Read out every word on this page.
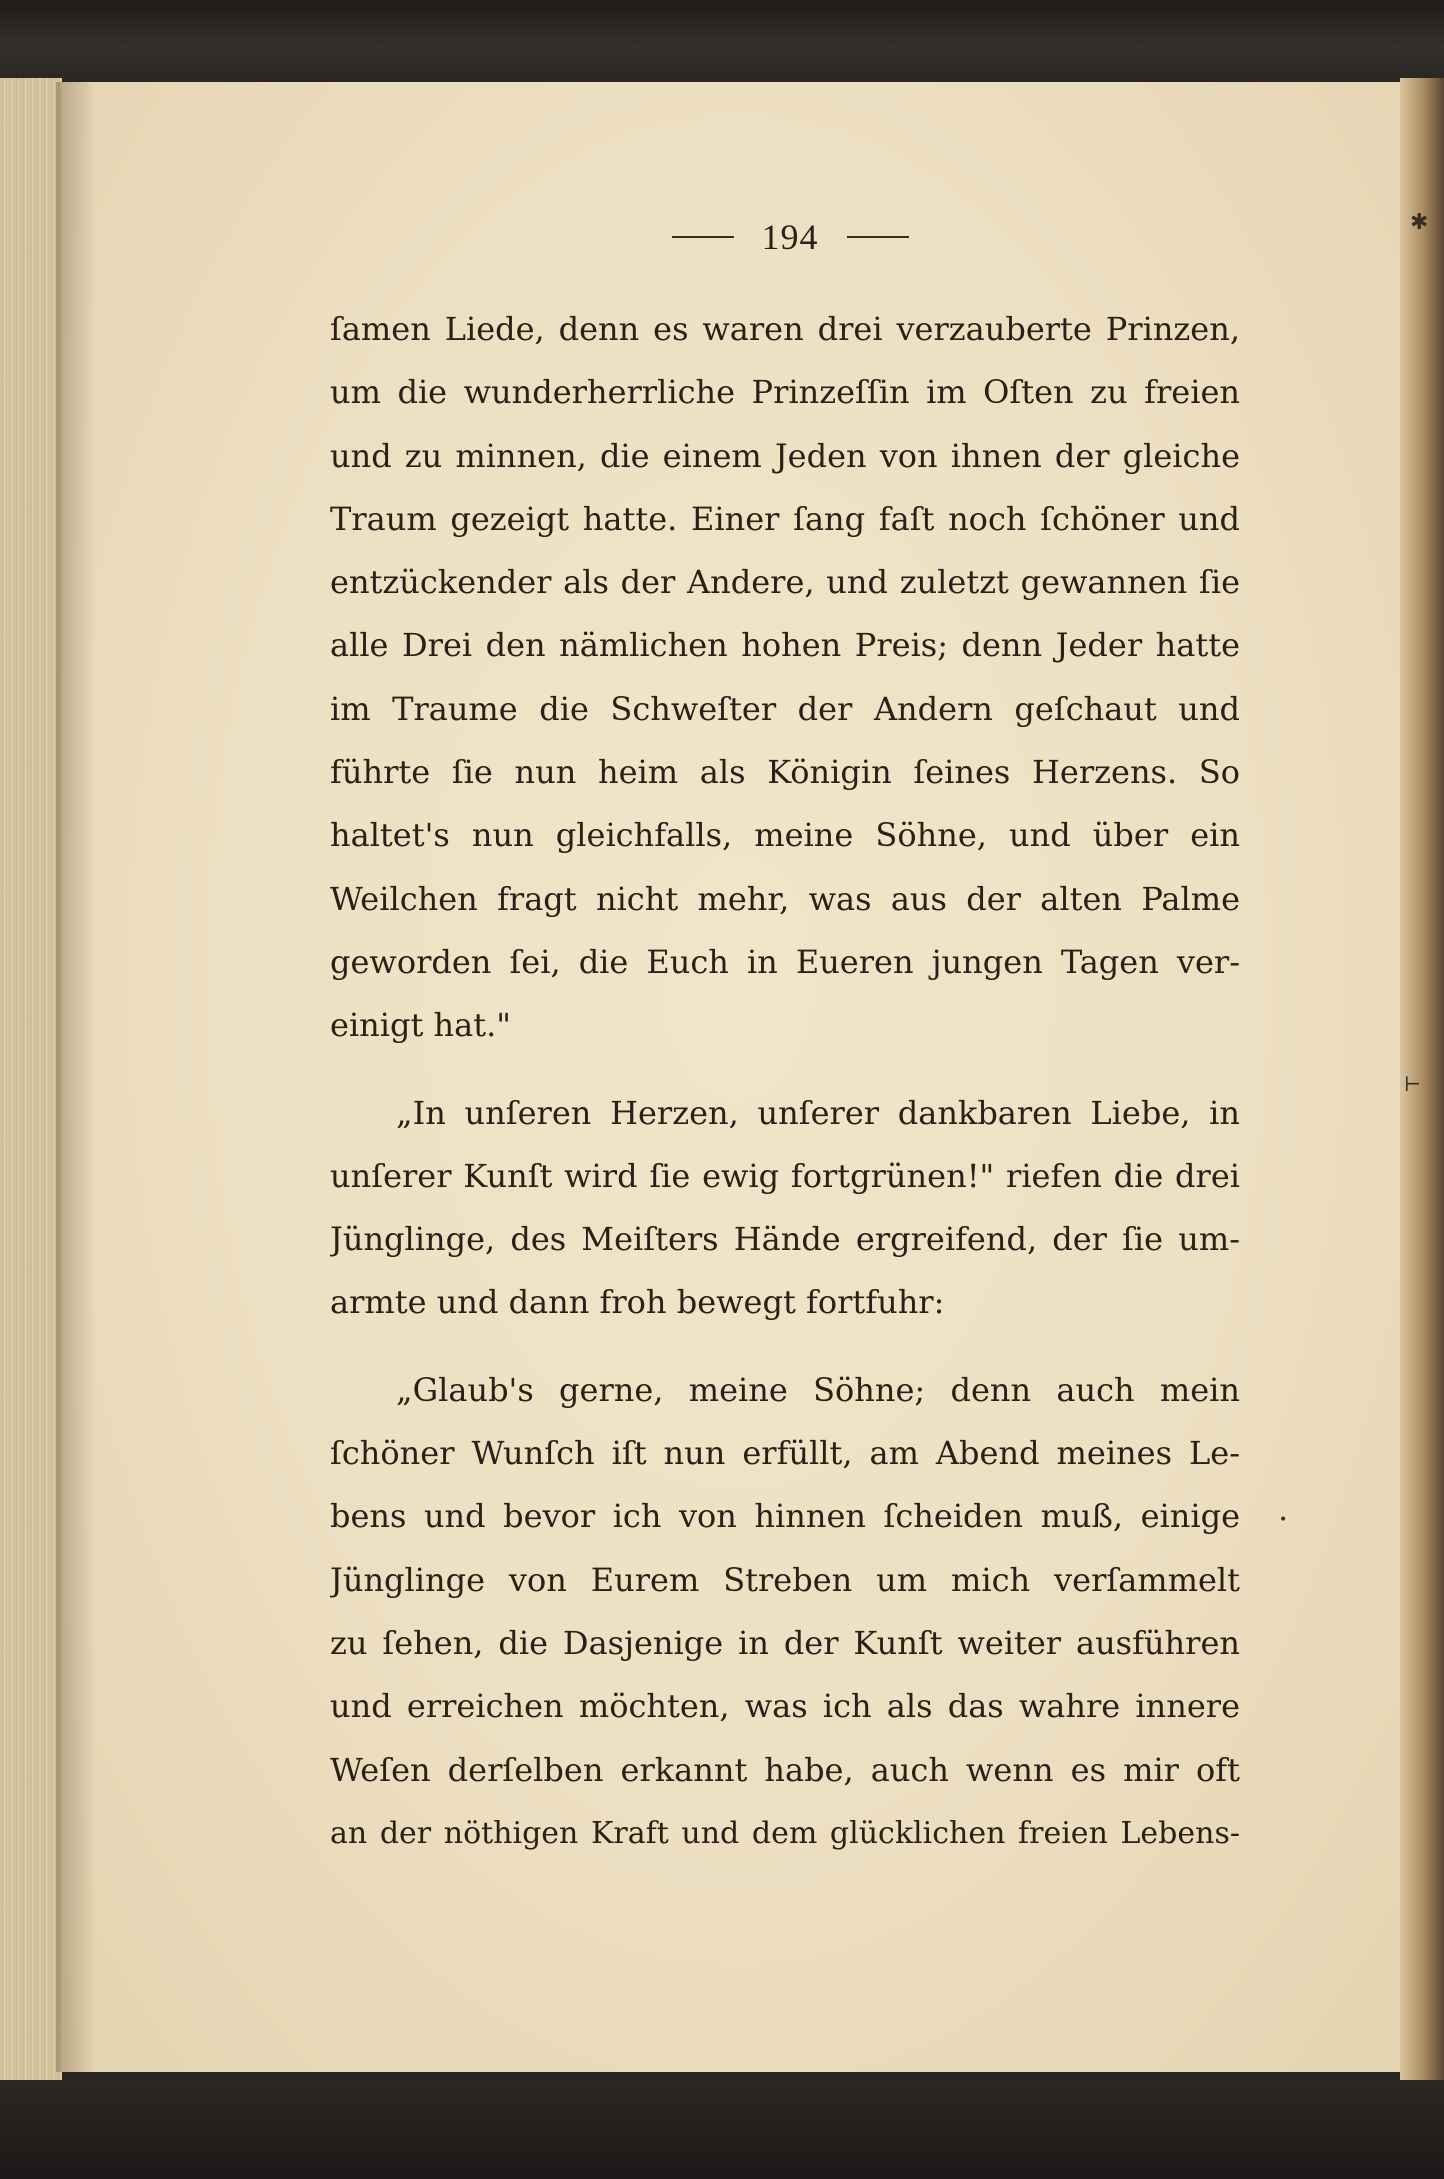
✱
⊢
•
194
ſamen Liede, denn es waren drei verzauberte Prinzen,
um die wunderherrliche Prinzeſſin im Oſten zu freien
und zu minnen, die einem Jeden von ihnen der gleiche
Traum gezeigt hatte. Einer ſang faſt noch ſchöner und
entzückender als der Andere, und zuletzt gewannen ſie
alle Drei den nämlichen hohen Preis; denn Jeder hatte
im Traume die Schweſter der Andern geſchaut und
führte ſie nun heim als Königin ſeines Herzens. So
haltet's nun gleichfalls, meine Söhne, und über ein
Weilchen fragt nicht mehr, was aus der alten Palme
geworden ſei, die Euch in Eueren jungen Tagen ver-
einigt hat."
„In unſeren Herzen, unſerer dankbaren Liebe, in
unſerer Kunſt wird ſie ewig fortgrünen!" riefen die drei
Jünglinge, des Meiſters Hände ergreifend, der ſie um-
armte und dann froh bewegt fortfuhr:
„Glaub's gerne, meine Söhne; denn auch mein
ſchöner Wunſch iſt nun erfüllt, am Abend meines Le-
bens und bevor ich von hinnen ſcheiden muß, einige
Jünglinge von Eurem Streben um mich verſammelt
zu ſehen, die Dasjenige in der Kunſt weiter ausführen
und erreichen möchten, was ich als das wahre innere
Weſen derſelben erkannt habe, auch wenn es mir oft
an der nöthigen Kraft und dem glücklichen freien Lebens-
